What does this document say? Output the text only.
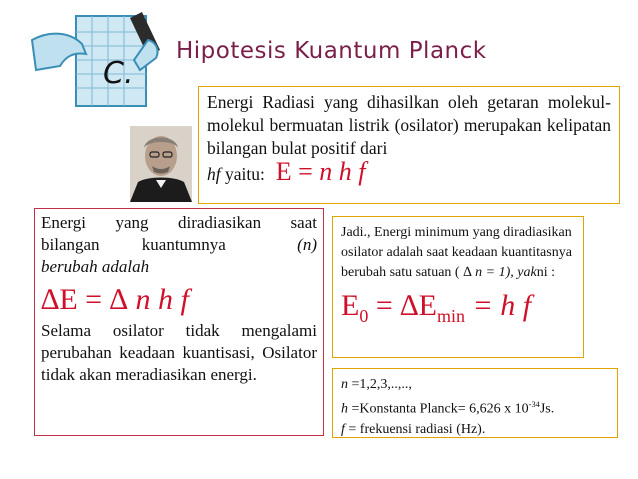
C.
Hipotesis Kuantum Planck
Energi Radiasi yang dihasilkan oleh getaran molekul-molekul bermuatan listrik (osilator) merupakan kelipatan bilangan bulat positif dari
hf yaitu:  E = n h f
Energi yang diradiasikan saat
bilangan kuantumnya	(n)
berubah adalah
∆E = ∆ n h f
Selama osilator tidak mengalami perubahan keadaan kuantisasi, Osilator tidak akan meradiasikan energi.
Jadi., Energi minimum yang diradiasikan osilator adalah saat keadaan kuantitasnya berubah satu satuan ( ∆ n = 1), yakni :
$E_0 = \Delta E_{min} = h$ f
n =1,2,3,..,..,
h =Konstanta Planck= 6,626 x $10^{-34}Js$.
f = frekuensi radiasi (Hz).
